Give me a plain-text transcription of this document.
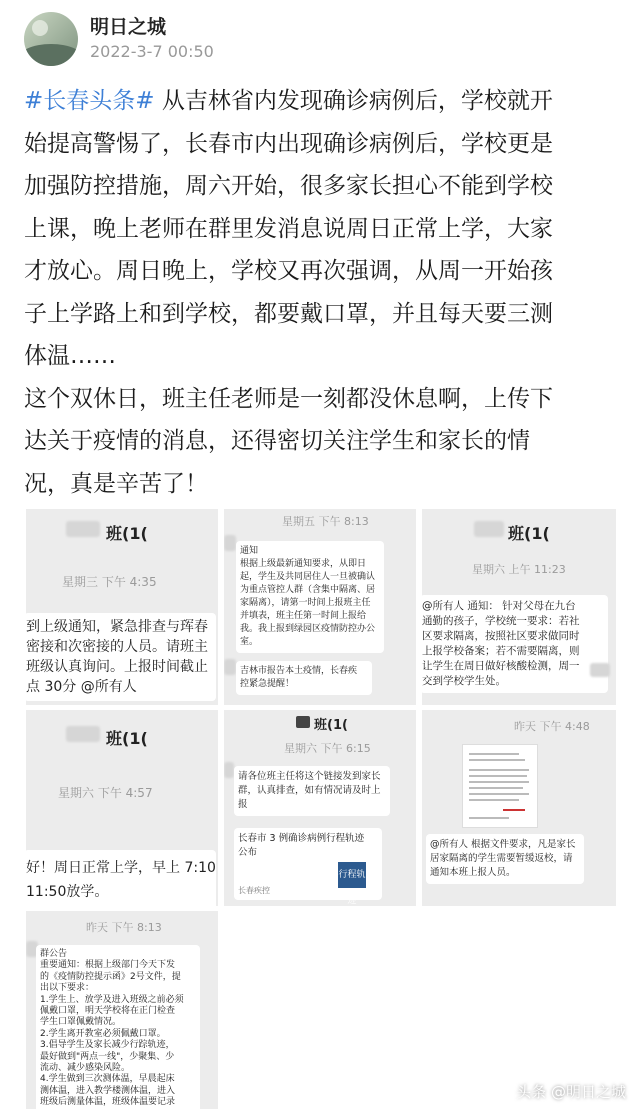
明日之城
2022-3-7 00:50

#长春头条# 从吉林省内发现确诊病例后，学校就开
始提高警惕了，长春市内出现确诊病例后，学校更是
加强防控措施，周六开始，很多家长担心不能到学校
上课，晚上老师在群里发消息说周日正常上学，大家
才放心。周日晚上，学校又再次强调，从周一开始孩
子上学路上和到学校，都要戴口罩，并且每天要三测
体温……

这个双休日，班主任老师是一刻都没休息啊，上传下
达关于疫情的消息，还得密切关注学生和家长的情
况，真是辛苦了！

班(1(
星期三 下午 4:35
到上级通知，紧急排查与珲春
密接和次密接的人员。请班主
班级认真询问。上报时间截止
点 30分 @所有人
星期五 下午 8:13
通知
根据上级最新通知要求，从即日
起，学生及共同居住人一旦被确认
为重点管控人群（含集中隔离、居
家隔离），请第一时间上报班主任
并填表，班主任第一时间上报给
我。我上报到绿园区疫情防控办公
室。
吉林市报告本土疫情，长春疾
控紧急提醒！
班(1(
星期六 上午 11:23
@所有人 通知： 针对父母在九台
通勤的孩子，学校统一要求：若社
区要求隔离，按照社区要求做同时
上报学校备案；若不需要隔离，则
让学生在周日做好核酸检测，周一
交到学校学生处。
班(1(
星期六 下午 4:57
好！周日正常上学，早上 7:10
11:50放学。
班(1(
星期六 下午 6:15
请各位班主任将这个链接发到家长
群，认真排查，如有情况请及时上
报
长春市 3 例确诊病例行程轨迹
公布
行程轨迹
长春疾控
昨天 下午 4:48
@所有人 根据文件要求，凡是家长
居家隔离的学生需要暂缓返校，请
通知本班上报人员。
昨天 下午 8:13
群公告
重要通知：根据上级部门今天下发
的《疫情防控提示函》2号文件，提
出以下要求：
1.学生上、放学及进入班级之前必须
佩戴口罩，明天学校将在正门检查
学生口罩佩戴情况。
2.学生离开教室必须佩戴口罩。
3.倡导学生及家长减少行踪轨迹，
最好做到"两点一线"，少聚集、少
流动、减少感染风险。
4.学生做到三次测体温，早晨起床
测体温，进入教学楼测体温，进入
班级后测量体温，班级体温要记录
头条 @明日之城
